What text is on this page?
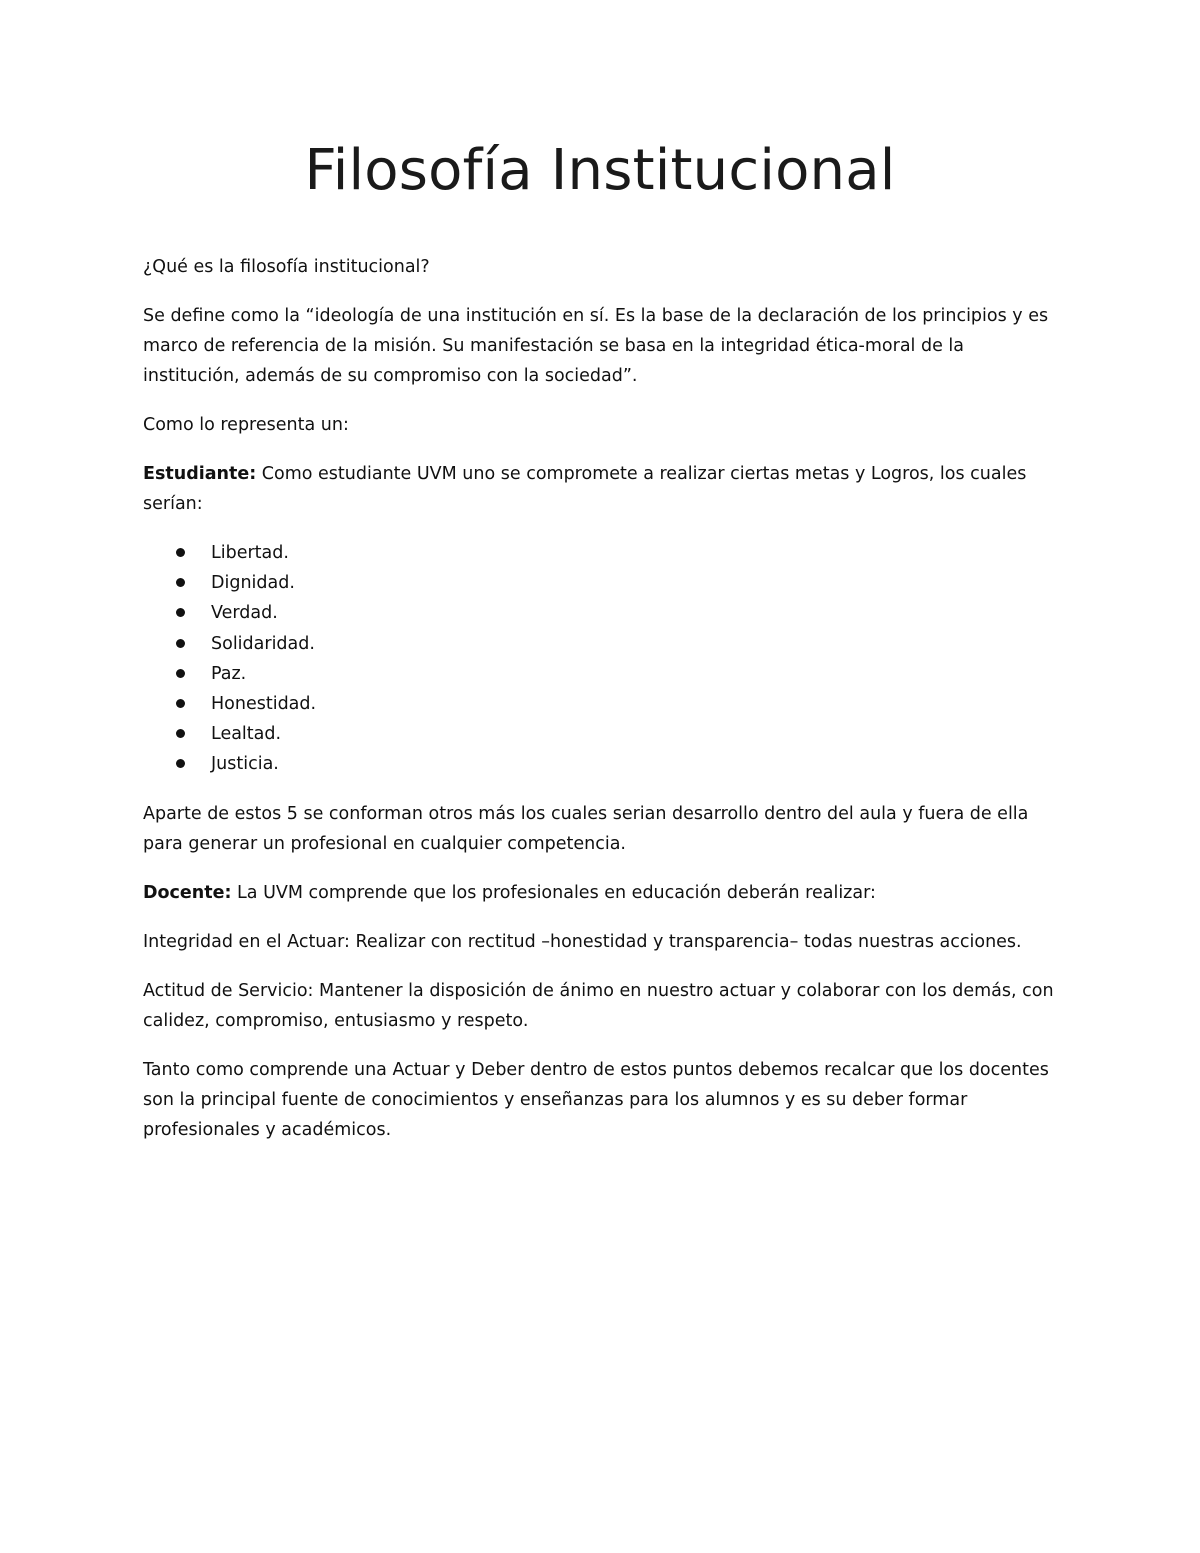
Filosofía Institucional

¿Qué es la filosofía institucional?

Se define como la “ideología de una institución en sí. Es la base de la declaración de los principios y es marco de referencia de la misión. Su manifestación se basa en la integridad ética-moral de la institución, además de su compromiso con la sociedad”.

Como lo representa un:

Estudiante: Como estudiante UVM uno se compromete a realizar ciertas metas y Logros, los cuales serían:

Libertad.
Dignidad.
Verdad.
Solidaridad.
Paz.
Honestidad.
Lealtad.
Justicia.

Aparte de estos 5 se conforman otros más los cuales serian desarrollo dentro del aula y fuera de ella para generar un profesional en cualquier competencia.

Docente: La UVM comprende que los profesionales en educación deberán realizar:

Integridad en el Actuar: Realizar con rectitud –honestidad y transparencia– todas nuestras acciones.

Actitud de Servicio: Mantener la disposición de ánimo en nuestro actuar y colaborar con los demás, con calidez, compromiso, entusiasmo y respeto.

Tanto como comprende una Actuar y Deber dentro de estos puntos debemos recalcar que los docentes son la principal fuente de conocimientos y enseñanzas para los alumnos y es su deber formar profesionales y académicos.
